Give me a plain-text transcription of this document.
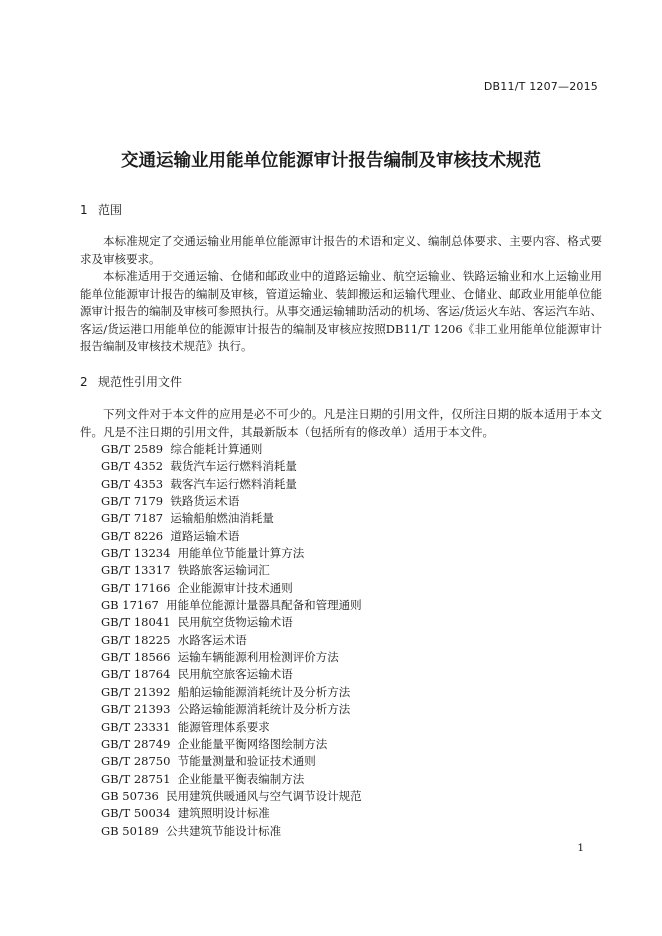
DB11/T 1207—2015
交通运输业用能单位能源审计报告编制及审核技术规范
1 范围

本标准规定了交通运输业用能单位能源审计报告的术语和定义、编制总体要求、主要内容、格式要求及审核要求。

本标准适用于交通运输、仓储和邮政业中的道路运输业、航空运输业、铁路运输业和水上运输业用能单位能源审计报告的编制及审核，管道运输业、装卸搬运和运输代理业、仓储业、邮政业用能单位能源审计报告的编制及审核可参照执行。从事交通运输辅助活动的机场、客运/货运火车站、客运汽车站、客运/货运港口用能单位的能源审计报告的编制及审核应按照DB11/T 1206《非工业用能单位能源审计报告编制及审核技术规范》执行。

2 规范性引用文件

下列文件对于本文件的应用是必不可少的。凡是注日期的引用文件，仅所注日期的版本适用于本文件。凡是不注日期的引用文件，其最新版本（包括所有的修改单）适用于本文件。

GB/T 2589  综合能耗计算通则
GB/T 4352  载货汽车运行燃料消耗量
GB/T 4353  载客汽车运行燃料消耗量
GB/T 7179  铁路货运术语
GB/T 7187  运输船舶燃油消耗量
GB/T 8226  道路运输术语
GB/T 13234  用能单位节能量计算方法
GB/T 13317  铁路旅客运输词汇
GB/T 17166  企业能源审计技术通则
GB 17167  用能单位能源计量器具配备和管理通则
GB/T 18041  民用航空货物运输术语
GB/T 18225  水路客运术语
GB/T 18566  运输车辆能源利用检测评价方法
GB/T 18764  民用航空旅客运输术语
GB/T 21392  船舶运输能源消耗统计及分析方法
GB/T 21393  公路运输能源消耗统计及分析方法
GB/T 23331  能源管理体系要求
GB/T 28749  企业能量平衡网络图绘制方法
GB/T 28750  节能量测量和验证技术通则
GB/T 28751  企业能量平衡表编制方法
GB 50736  民用建筑供暖通风与空气调节设计规范
GB/T 50034  建筑照明设计标准
GB 50189  公共建筑节能设计标准
1
